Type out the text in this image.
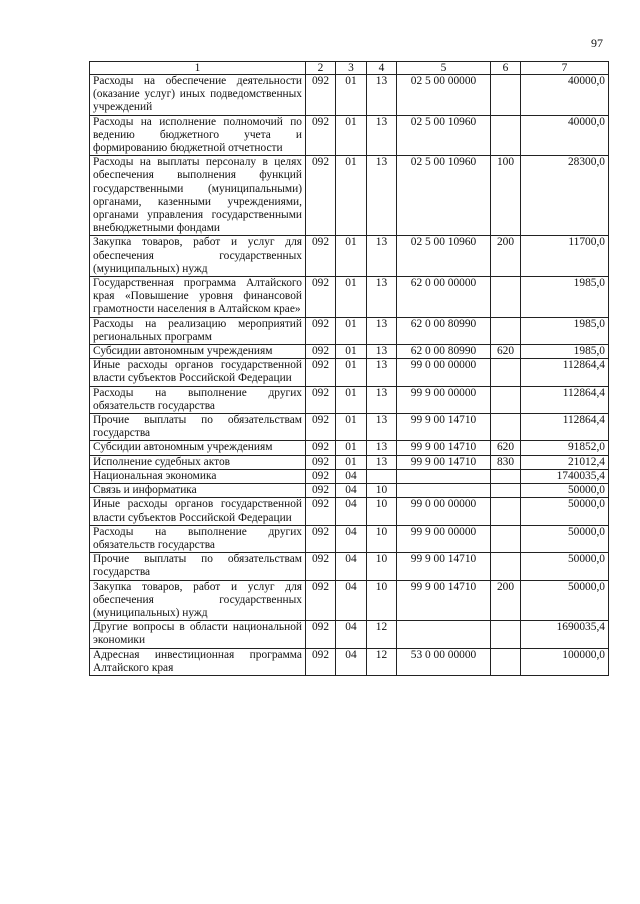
97
1	2	3	4	5	6	7
Расходы на обеспечение деятельности (оказание услуг) иных подведомственных учреждений	092	01	13	02 5 00 00000		40000,0
Расходы на исполнение полномочий по ведению бюджетного учета и формированию бюджетной отчетности	092	01	13	02 5 00 10960		40000,0
Расходы на выплаты персоналу в целях обеспечения выполнения функций государственными (муниципальными) органами, казенными учреждениями, органами управления государственными внебюджетными фондами	092	01	13	02 5 00 10960	100	28300,0
Закупка товаров, работ и услуг для обеспечения государственных (муниципальных) нужд	092	01	13	02 5 00 10960	200	11700,0
Государственная программа Алтайского края «Повышение уровня финансовой грамотности населения в Алтайском крае»	092	01	13	62 0 00 00000		1985,0
Расходы на реализацию мероприятий региональных программ	092	01	13	62 0 00 80990		1985,0
Субсидии автономным учреждениям	092	01	13	62 0 00 80990	620	1985,0
Иные расходы органов государственной власти субъектов Российской Федерации	092	01	13	99 0 00 00000		112864,4
Расходы на выполнение других обязательств государства	092	01	13	99 9 00 00000		112864,4
Прочие выплаты по обязательствам государства	092	01	13	99 9 00 14710		112864,4
Субсидии автономным учреждениям	092	01	13	99 9 00 14710	620	91852,0
Исполнение судебных актов	092	01	13	99 9 00 14710	830	21012,4
Национальная экономика	092	04				1740035,4
Связь и информатика	092	04	10			50000,0
Иные расходы органов государственной власти субъектов Российской Федерации	092	04	10	99 0 00 00000		50000,0
Расходы на выполнение других обязательств государства	092	04	10	99 9 00 00000		50000,0
Прочие выплаты по обязательствам государства	092	04	10	99 9 00 14710		50000,0
Закупка товаров, работ и услуг для обеспечения государственных (муниципальных) нужд	092	04	10	99 9 00 14710	200	50000,0
Другие вопросы в области национальной экономики	092	04	12			1690035,4
Адресная инвестиционная программа Алтайского края	092	04	12	53 0 00 00000		100000,0
